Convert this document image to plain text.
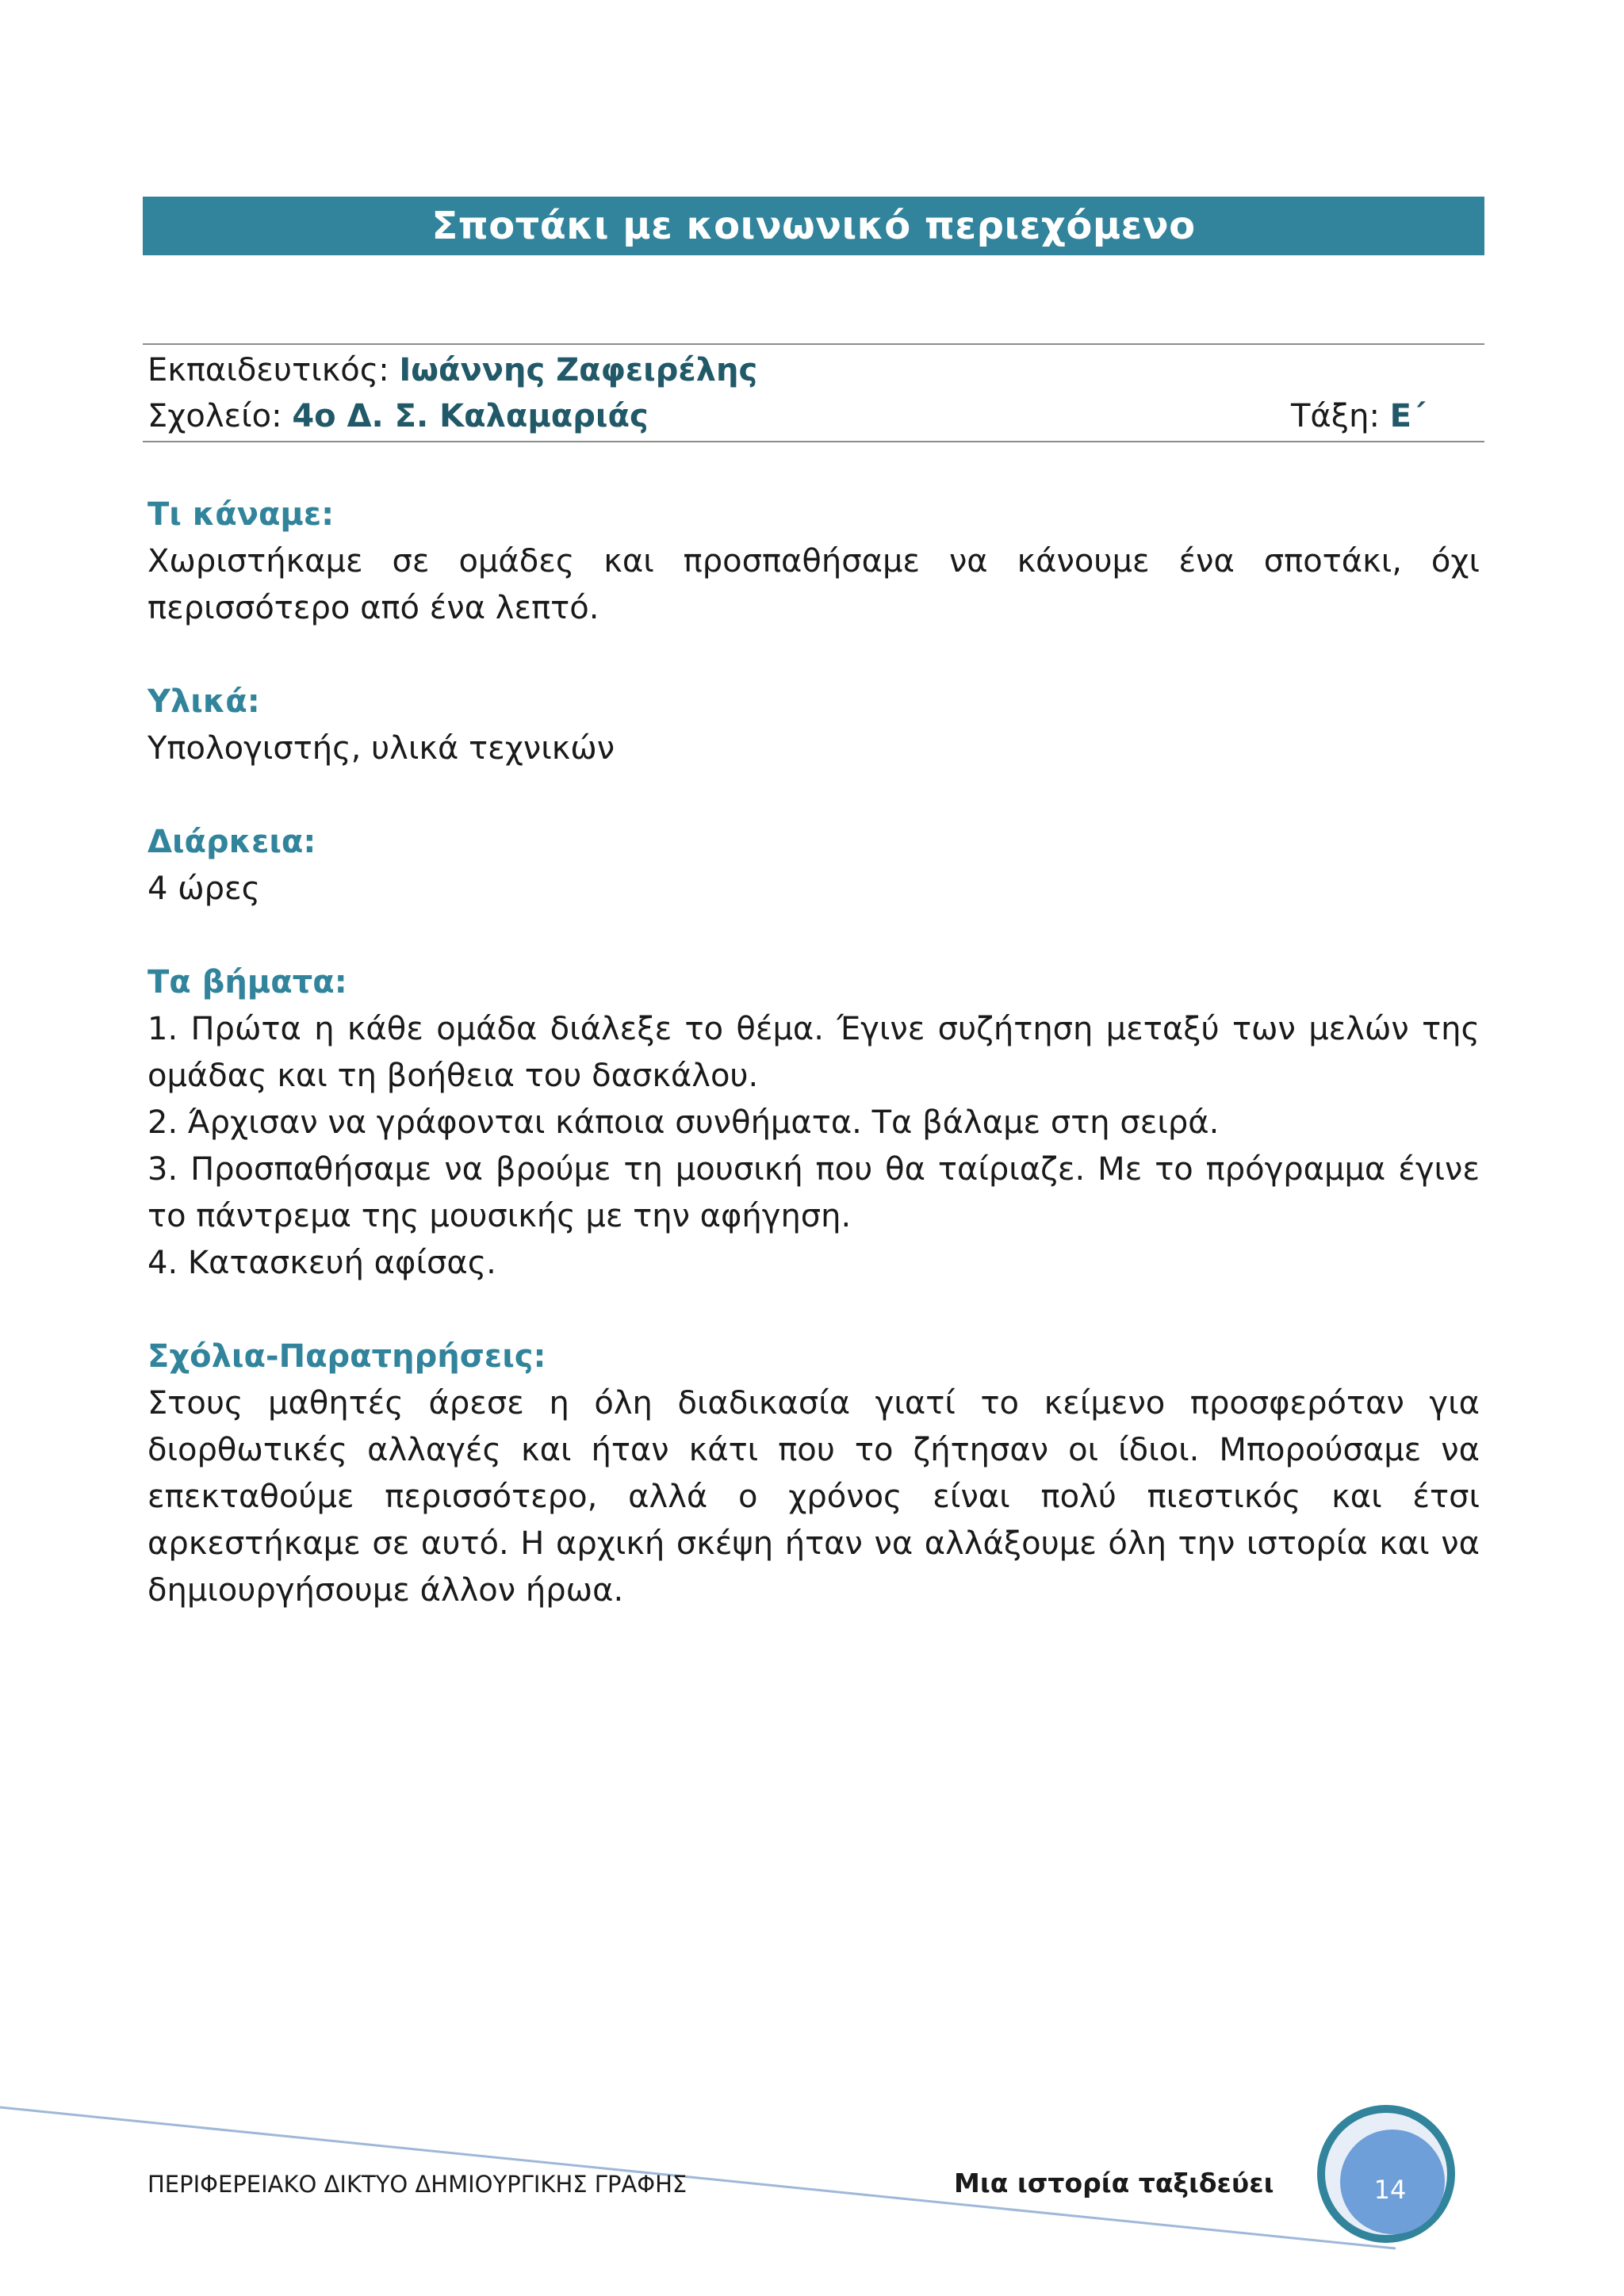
Σποτάκι με κοινωνικό περιεχόμενο
Εκπαιδευτικός: Ιωάννης Ζαφειρέλης
Σχολείο: 4ο Δ. Σ. Καλαμαριάς	Τάξη: Ε΄

Τι κάναμε:

Χωριστήκαμε σε ομάδες και προσπαθήσαμε να κάνουμε ένα σποτάκι, όχι περισσότερο από ένα λεπτό.

Υλικά:

Υπολογιστής, υλικά τεχνικών

Διάρκεια:

4 ώρες

Τα βήματα:

1. Πρώτα η κάθε ομάδα διάλεξε το θέμα. Έγινε συζήτηση μεταξύ των μελών της ομάδας και τη βοήθεια του δασκάλου.

2. Άρχισαν να γράφονται κάποια συνθήματα. Τα βάλαμε στη σειρά.

3. Προσπαθήσαμε να βρούμε τη μουσική που θα ταίριαζε. Με το πρόγραμμα έγινε το πάντρεμα της μουσικής με την αφήγηση.

4. Κατασκευή αφίσας.

Σχόλια-Παρατηρήσεις:

Στους μαθητές άρεσε η όλη διαδικασία γιατί το κείμενο προσφερόταν για διορθωτικές αλλαγές και ήταν κάτι που το ζήτησαν οι ίδιοι. Μπορούσαμε να επεκταθούμε περισσότερο, αλλά ο χρόνος είναι πολύ πιεστικός και έτσι αρκεστήκαμε σε αυτό. Η αρχική σκέψη ήταν να αλλάξουμε όλη την ιστορία και να δημιουργήσουμε άλλον ήρωα.

ΠΕΡΙΦΕΡΕΙΑΚΟ ΔΙΚΤΥΟ ΔΗΜΙΟΥΡΓΙΚΗΣ ΓΡΑΦΗΣ	Μια ιστορία ταξιδεύει	14
